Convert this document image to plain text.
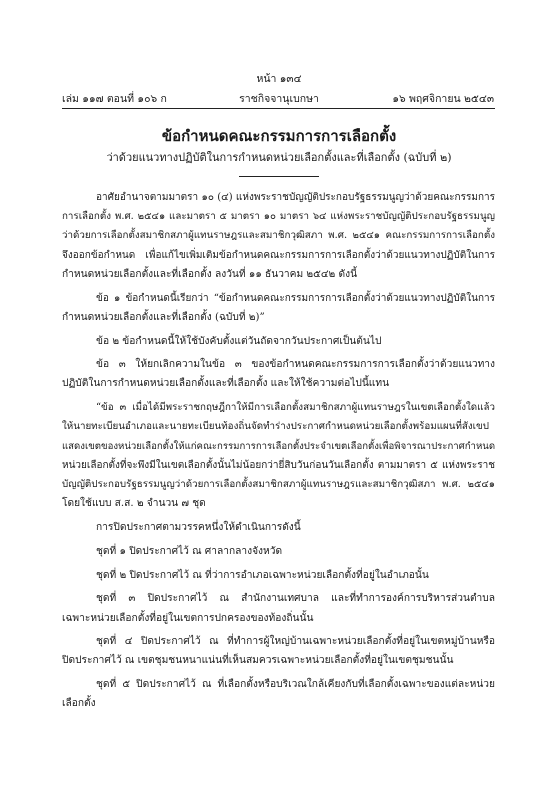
หน้า ๑๓๔
เล่ม ๑๑๗ ตอนที่ ๑๐๖ ก	ราชกิจจานุเบกษา	๑๖ พฤศจิกายน ๒๕๔๓
ข้อกำหนดคณะกรรมการการเลือกตั้ง
ว่าด้วยแนวทางปฏิบัติในการกำหนดหน่วยเลือกตั้งและที่เลือกตั้ง (ฉบับที่ ๒)
อาศัยอำนาจตามมาตรา ๑๐ (๔) แห่งพระราชบัญญัติประกอบรัฐธรรมนูญว่าด้วยคณะกรรมการ
การเลือกตั้ง พ.ศ. ๒๕๔๑ และมาตรา ๕ มาตรา ๑๐ มาตรา ๖๔ แห่งพระราชบัญญัติประกอบรัฐธรรมนูญ
ว่าด้วยการเลือกตั้งสมาชิกสภาผู้แทนราษฎรและสมาชิกวุฒิสภา พ.ศ. ๒๕๔๑ คณะกรรมการการเลือกตั้ง
จึงออกข้อกำหนด เพื่อแก้ไขเพิ่มเติมข้อกำหนดคณะกรรมการการเลือกตั้งว่าด้วยแนวทางปฏิบัติในการ
กำหนดหน่วยเลือกตั้งและที่เลือกตั้ง ลงวันที่ ๑๑ ธันวาคม ๒๕๔๒ ดังนี้
ข้อ ๑ ข้อกำหนดนี้เรียกว่า “ข้อกำหนดคณะกรรมการการเลือกตั้งว่าด้วยแนวทางปฏิบัติในการ
กำหนดหน่วยเลือกตั้งและที่เลือกตั้ง (ฉบับที่ ๒)”
ข้อ ๒ ข้อกำหนดนี้ให้ใช้บังคับตั้งแต่วันถัดจากวันประกาศเป็นต้นไป
ข้อ ๓ ให้ยกเลิกความในข้อ ๓ ของข้อกำหนดคณะกรรมการการเลือกตั้งว่าด้วยแนวทาง
ปฏิบัติในการกำหนดหน่วยเลือกตั้งและที่เลือกตั้ง และให้ใช้ความต่อไปนี้แทน
“ข้อ ๓ เมื่อได้มีพระราชกฤษฎีกาให้มีการเลือกตั้งสมาชิกสภาผู้แทนราษฎรในเขตเลือกตั้งใดแล้ว
ให้นายทะเบียนอำเภอและนายทะเบียนท้องถิ่นจัดทำร่างประกาศกำหนดหน่วยเลือกตั้งพร้อมแผนที่สังเขป
แสดงเขตของหน่วยเลือกตั้งให้แก่คณะกรรมการการเลือกตั้งประจำเขตเลือกตั้งเพื่อพิจารณาประกาศกำหนด
หน่วยเลือกตั้งที่จะพึงมีในเขตเลือกตั้งนั้นไม่น้อยกว่ายี่สิบวันก่อนวันเลือกตั้ง ตามมาตรา ๕ แห่งพระราช
บัญญัติประกอบรัฐธรรมนูญว่าด้วยการเลือกตั้งสมาชิกสภาผู้แทนราษฎรและสมาชิกวุฒิสภา พ.ศ. ๒๕๔๑
โดยใช้แบบ ส.ส. ๒ จำนวน ๗ ชุด
การปิดประกาศตามวรรคหนึ่งให้ดำเนินการดังนี้
ชุดที่ ๑ ปิดประกาศไว้ ณ ศาลากลางจังหวัด
ชุดที่ ๒ ปิดประกาศไว้ ณ ที่ว่าการอำเภอเฉพาะหน่วยเลือกตั้งที่อยู่ในอำเภอนั้น
ชุดที่ ๓ ปิดประกาศไว้ ณ สำนักงานเทศบาล และที่ทำการองค์การบริหารส่วนตำบล
เฉพาะหน่วยเลือกตั้งที่อยู่ในเขตการปกครองของท้องถิ่นนั้น
ชุดที่ ๔ ปิดประกาศไว้ ณ ที่ทำการผู้ใหญ่บ้านเฉพาะหน่วยเลือกตั้งที่อยู่ในเขตหมู่บ้านหรือ
ปิดประกาศไว้ ณ เขตชุมชนหนาแน่นที่เห็นสมควรเฉพาะหน่วยเลือกตั้งที่อยู่ในเขตชุมชนนั้น
ชุดที่ ๕ ปิดประกาศไว้ ณ ที่เลือกตั้งหรือบริเวณใกล้เคียงกับที่เลือกตั้งเฉพาะของแต่ละหน่วย
เลือกตั้ง
